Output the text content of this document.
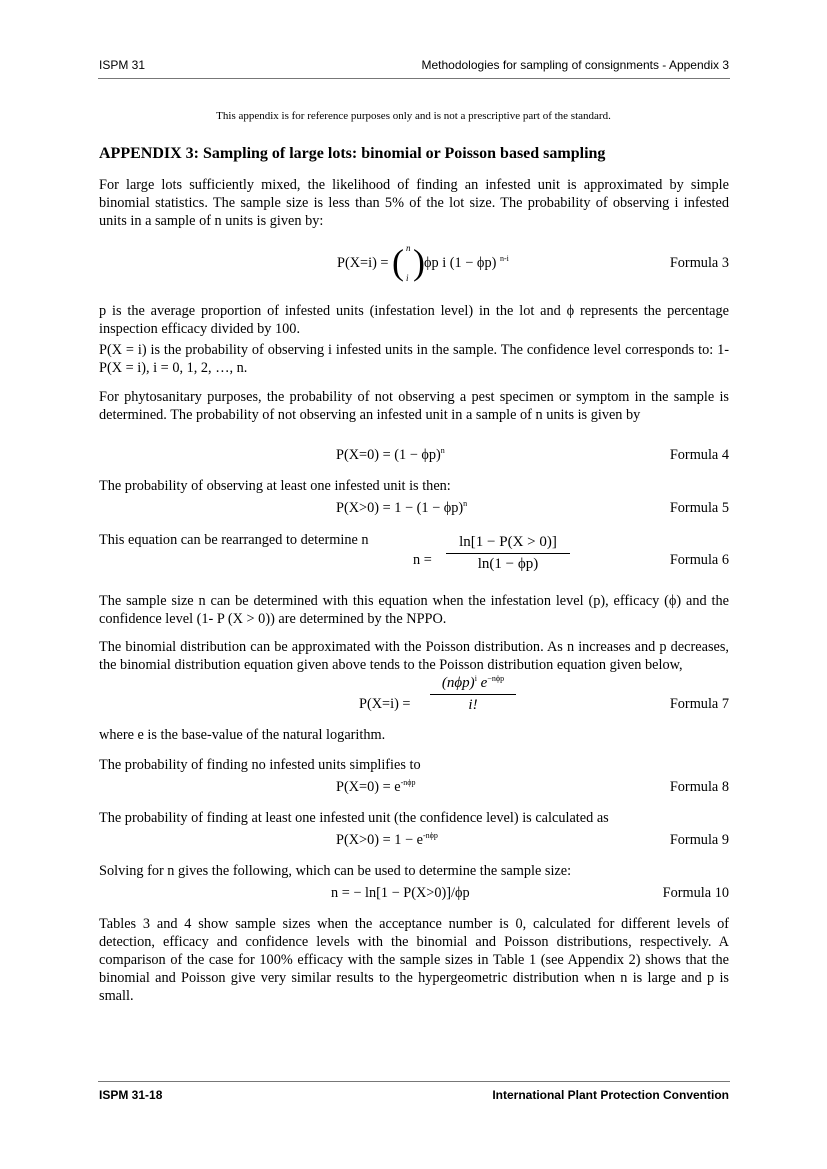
ISPM 31	Methodologies for sampling of consignments - Appendix 3
This appendix is for reference purposes only and is not a prescriptive part of the standard.
APPENDIX 3: Sampling of large lots: binomial or Poisson based sampling
For large lots sufficiently mixed, the likelihood of finding an infested unit is approximated by simple binomial statistics. The sample size is less than 5% of the lot size. The probability of observing i infested units in a sample of n units is given by:
P(X=i) = ( n
i ) ϕp i (1 − ϕp) $^{n-i}$	Formula 3
p is the average proportion of infested units (infestation level) in the lot and ϕ represents the percentage inspection efficacy divided by 100.
P(X = i) is the probability of observing i infested units in the sample. The confidence level corresponds to: 1- P(X = i), i = 0, 1, 2, …, n.
For phytosanitary purposes, the probability of not observing a pest specimen or symptom in the sample is determined. The probability of not observing an infested unit in a sample of n units is given by
$P(X=0) = (1 - \phi p)^n$	Formula 4
The probability of observing at least one infested unit is then:
$P(X>0) = 1 - (1 - \phi p)^n$	Formula 5
This equation can be rearranged to determine n
$n = \frac{\ln[1 - P(X > 0)]}{\ln(1 - \phi p)}$	Formula 6
The sample size n can be determined with this equation when the infestation level (p), efficacy (ϕ) and the confidence level (1- P (X > 0)) are determined by the NPPO.
The binomial distribution can be approximated with the Poisson distribution. As n increases and p decreases, the binomial distribution equation given above tends to the Poisson distribution equation given below,
$P(X=i) = \frac{(n\phi p)^i e^{-n\phi p}}{i!}$	Formula 7
where e is the base-value of the natural logarithm.
The probability of finding no infested units simplifies to
$P(X=0) = e^{-n\phi p}$	Formula 8
The probability of finding at least one infested unit (the confidence level) is calculated as
$P(X>0) = 1 - e^{-n\phi p}$	Formula 9
Solving for n gives the following, which can be used to determine the sample size:
n = − ln[1 − P(X>0)]/ϕp	Formula 10
Tables 3 and 4 show sample sizes when the acceptance number is 0, calculated for different levels of detection, efficacy and confidence levels with the binomial and Poisson distributions, respectively. A comparison of the case for 100% efficacy with the sample sizes in Table 1 (see Appendix 2) shows that the binomial and Poisson give very similar results to the hypergeometric distribution when n is large and p is small.
ISPM 31-18	International Plant Protection Convention
